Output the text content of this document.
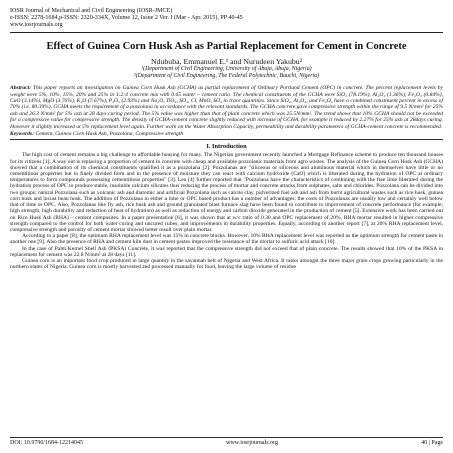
IOSR Journal of Mechanical and Civil Engineering (IOSR-JMCE)
e-ISSN: 2278-1684,p-ISSN: 2320-334X, Volume 12, Issue 2 Ver. I (Mar - Apr. 2015), PP 40-45
www.iosrjournals.org
Effect of Guinea Corn Husk Ash as Partial Replacement for Cement in Concrete
Ndububa, Emmanuel E.¹ and Nurudeen Yakubu²
¹(Department of Civil Engineering, University of Abuja, Abuja, Nigeria)
²(Department of Civil Engineering, The Federal Polytechnic, Bauchi, Nigeria)
Abstract: This paper reports an investigation on Guinea Corn Husk Ash (GCHA) as partial replacement of Ordinary Portland Cement (OPC) in concrete. The percent replacement levels by weight were 5%, 10%, 15%, 20% and 25% in 1:2:4 concrete mix with 0.65 water – cement ratio. The chemical constituents of the GCHA were SiO₂ (78.19%), Al₂O₃ (1.36%), Fe₂O₃ (0.84%), CaO (3.14%), MgO (3.76%), K₂O (7.67%), P₂O₅ (2.93%) and Na₂O, TiO₂, SO₃, Cl, MnO, SO₄ in trace quantities. Since SiO₂, Al₂O₃, and Fe₂O₃ have a combined constituent percent in excess of 70% (i.e. 80.39%), GCHA meets the requirement of a pozzolana in accordance with the relevant standards. The GCHA concrete gave compressive strength within the range of 9.5 N/mm² for 25% ash and 26.3 N/mm² for 5% ash at 28 days curing period. The 5% value was higher than that of plain concrete which was 25.5N/mm². The trend shows that 10% GCHA should not be exceeded for a compressive value for compressive strength. The density of GCHA-cement concrete slightly reduced with increase of GCHA, for example it reduced by 2.27% for 25% ash at 28days curing. However it slightly increased at 5% replacement level again. Further work on the Water Absorption Capacity, permeability and durability parameters of GCHA-cement concrete is recommended.
Keywords: Cement, Guinea Corn Husk Ash, Pozzolana, Compressive strength
I. Introduction

The high cost of cement remains a big challenge to affordable housing for many. The Nigerian government recently launched a Mortgage Refinance scheme to produce ten thousand houses for its citizens [1]. A way out is replacing a proportion of cement in concrete with cheap and available pozzolanic materials from agro wastes. The analysis of the Guinea Corn Husk Ash (GCHA) showed that a combination of its chemical constituents qualified it as a pozzolana [2]. Pozzolanas are "siliceous or siliceous and aluminous material which in themselves have little or no cementitious properties but in finely divided form and in the presence of moisture they can react with calcium hydroxide (CaO) which is liberated during the hydration of OPC at ordinary temperatures to form compounds possessing cementitious properties" [3]. Lea [4] further reported that "Pozzolana have the characteristics of combining with the free lime liberated during the hydration process of OPC to produce stable, insoluble calcium silicates thus reducing the process of mortar and concrete attacks from sulphates, salts and chlorides. Pozzolana can be divided into two groups; natural Pozzolana such as volcanic ash and diatomic and artificial Pozzolana such as calcite clay, pulverized fuel ash and ash from burnt agricultural wastes such as rice husk, guinea corn husk and locust bean husk. The addition of Pozzolana in either a lime or OPC based product has a number of advantages: the costs of Pozzolanas are usually low and certainly well below that of lime or OPC. Also, Pozzolanas like fly ash, rice husk ash and ground granulated blast furnace slag have been found to contribute to improvement of concrete performance (for example; high strength, high durability and reduction of heat of hydration) as well as reduction of energy and carbon dioxide generated in the production of cement [5]. Extensive work has been carried out on Rice Husk Ash (RHA) – cement composites. In a paper presentation [6], it was shown that at w/c ratio of 0.30 and OPC replacement of 20%, RHA mortar resulted in higher compressive strength compared to the control for both water curing and uncured cubes, and improvements in durability properties. Equally, according to another report [7], at 20% RHA replacement level, compressive strength and porosity of cement mortar showed better result over plain mortar.

According to a paper [8], the optimum RHA replacement level was 15% in concrete blocks. However, 10% RHA replacement level was reported as the optimum strength for cement paste in another one [9]. Also the presence of RHA and cement kiln dust in cement pastes improved the resistance of the mortar to sulfuric acid attack [10].

In the case of Palm Kernel Shell Ash (PKSA) Concrete, it was reported that the compressive strength did not exceed that of plain concrete. The results showed that 10% of the PKSA in replacement for cement was 22.8 N/mm² at 28 days [11].

Guinea corn is an important food crop produced in large quantity in the savannah belt of Nigeria and West Africa. It ranks amongst the three major grain crops growing particularly in the northern states of Nigeria. Guinea corn is mostly harvested and processed manually for food, leaving the large volume of residue

DOI: 10.9790/1684-12214045	www.iosrjournals.org	40 | Page
